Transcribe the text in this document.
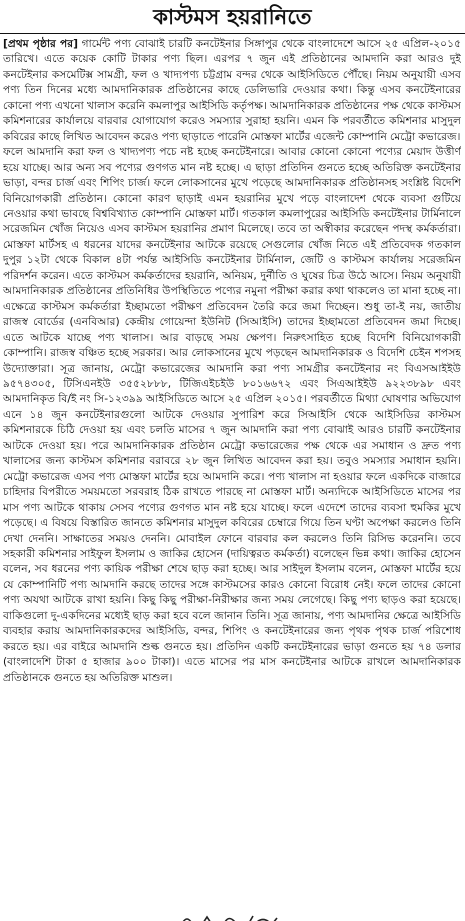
কাস্টমস হয়রানিতে

[প্রথম পৃষ্ঠার পর] গার্মেন্ট পণ্য বোঝাই চারটি কনটেইনার সিঙ্গাপুর থেকে বাংলাদেশে আসে ২৫ এপ্রিল-২০১৫ তারিখে। এতে কয়েক কোটি টাকার পণ্য ছিল। এরপর ৭ জুন এই প্রতিষ্ঠানের আমদানি করা আরও দুই কনটেইনার কসমেটিক্স সামগ্রী, ফল ও খাদ্যপণ্য চট্টগ্রাম বন্দর থেকে আইসিডিতে পৌঁছে। নিয়ম অনুযায়ী এসব পণ্য তিন দিনের মধ্যে আমদানিকারক প্রতিষ্ঠানের কাছে ডেলিভারি দেওয়ার কথা। কিন্তু এসব কনটেইনারের কোনো পণ্য এখনো খালাস করেনি কমলাপুর আইসিডি কর্তৃপক্ষ। আমদানিকারক প্রতিষ্ঠানের পক্ষ থেকে কাস্টমস কমিশনারের কার্যালয়ে বারবার যোগাযোগ করেও সমস্যার সুরাহা হয়নি। এমন কি পরবর্তীতে কমিশনার মাসুদুল কবিরের কাছে লিখিত আবেদন করেও পণ্য ছাড়াতে পারেনি মোস্তফা মার্টের এজেন্ট কোম্পানি মেট্রো কভারেজ।

ফলে আমদানি করা ফল ও খাদ্যপণ্য পচে নষ্ট হচ্ছে কনটেইনারে। আবার কোনো কোনো পণ্যের মেয়াদ উত্তীর্ণ হয়ে যাচ্ছে। আর অন্য সব পণ্যের গুণগত মান নষ্ট হচ্ছে। এ ছাড়া প্রতিদিন গুনতে হচ্ছে অতিরিক্ত কনটেইনার ভাড়া, বন্দর চার্জ এবং শিপিং চার্জ। ফলে লোকসানের মুখে পড়েছে আমদানিকারক প্রতিষ্ঠানসহ সংশ্লিষ্ট বিদেশি বিনিয়োগকারী প্রতিষ্ঠান। কোনো কারণ ছাড়াই এমন হয়রানির মুখে পড়ে বাংলাদেশ থেকে ব্যবসা গুটিয়ে নেওয়ার কথা ভাবছে বিশ্ববিখ্যাত কোম্পানি মোস্তফা মার্ট। গতকাল কমলাপুরের আইসিডি কনটেইনার টার্মিনালে সরেজমিন খোঁজ নিয়েও এসব কাস্টমস হয়রানির প্রমাণ মিলেছে। তবে তা অস্বীকার করেছেন পদস্থ কর্মকর্তারা। মোস্তফা মার্টসহ এ ধরনের যাদের কনটেইনার আটকে রয়েছে সেগুলোর খোঁজ নিতে এই প্রতিবেদক গতকাল দুপুর ১২টা থেকে বিকাল ৪টা পর্যন্ত আইসিডি কনটেইনার টার্মিনাল, জেটি ও কাস্টমস কার্যালয় সরেজমিন পরিদর্শন করেন। এতে কাস্টমস কর্মকর্তাদের হয়রানি, অনিয়ম, দুর্নীতি ও ঘুষের চিত্র উঠে আসে। নিয়ম অনুযায়ী আমদানিকারক প্রতিষ্ঠানের প্রতিনিধির উপস্থিতিতে পণ্যের নমুনা পরীক্ষা করার কথা থাকলেও তা মানা হচ্ছে না। এক্ষেত্রে কাস্টমস কর্মকর্তারা ইচ্ছামতো পরীক্ষণ প্রতিবেদন তৈরি করে জমা দিচ্ছেন। শুধু তা-ই নয়, জাতীয় রাজস্ব বোর্ডের (এনবিআর) কেন্দ্রীয় গোয়েন্দা ইউনিট (সিআইসি) তাদের ইচ্ছামতো প্রতিবেদন জমা দিচ্ছে। এতে আটকে যাচ্ছে পণ্য খালাস। আর বাড়ছে সময় ক্ষেপণ। নিরুৎসাহিত হচ্ছে বিদেশি বিনিয়োগকারী কোম্পানি। রাজস্ব বঞ্চিত হচ্ছে সরকার। আর লোকসানের মুখে পড়ছেন আমদানিকারক ও বিদেশি চেইন শপসহ উদ্যোক্তারা। সূত্র জানায়, মেট্রো কভারেজের আমদানি করা পণ্য সামগ্রীর কনটেইনার নং বিএসআইইউ ৯৫৭৪৩০৫, টিসিএনইউ ৩৫৫২৮৮৮, টিজিএইচইউ ৮০১৬৬৭২ এবং সিএআইইউ ৯২২৩৮৯৮ এবং আমদানিকৃত বি/ই নং সি-১২৩৯৯ আইসিডিতে আসে ২৫ এপ্রিল ২০১৫। পরবর্তীতে মিথ্যা ঘোষণার অভিযোগ এনে ১৪ জুন কনটেইনারগুলো আটকে দেওয়ার সুপারিশ করে সিআইসি থেকে আইসিডির কাস্টমস কমিশনারকে চিঠি দেওয়া হয় এবং চলতি মাসের ৭ জুন আমদানি করা পণ্য বোঝাই আরও চারটি কনটেইনার আটকে দেওয়া হয়। পরে আমদানিকারক প্রতিষ্ঠান মেট্রো কভারেজের পক্ষ থেকে এর সমাধান ও দ্রুত পণ্য খালাসের জন্য কাস্টমস কমিশনার বরাবরে ২৮ জুন লিখিত আবেদন করা হয়। তবুও সমস্যার সমাধান হয়নি। মেট্রো কভারেজ এসব পণ্য মোস্তফা মার্টের হয়ে আমদানি করে। পণ্য খালাস না হওয়ার ফলে একদিকে বাজারে চাহিদার বিপরীতে সময়মতো সরবরাহ ঠিক রাখতে পারছে না মোস্তফা মার্ট। অন্যদিকে আইসিডিতে মাসের পর মাস পণ্য আটকে থাকায় সেসব পণ্যের গুণগত মান নষ্ট হয়ে যাচ্ছে। ফলে এদেশে তাদের ব্যবসা হুমকির মুখে পড়েছে। এ বিষয়ে বিস্তারিত জানতে কমিশনার মাসুদুল কবিরের চেম্বারে গিয়ে তিন ঘণ্টা অপেক্ষা করলেও তিনি দেখা দেননি। সাক্ষাতের সময়ও দেননি। মোবাইল ফোনে বারবার কল করলেও তিনি রিসিভ করেননি। তবে সহকারী কমিশনার সাইফুল ইসলাম ও জাকির হোসেন (দায়িত্বরত কর্মকর্তা) বলেছেন ভিন্ন কথা। জাকির হোসেন বলেন, সব ধরনের পণ্য কায়িক পরীক্ষা শেষে ছাড় করা হচ্ছে। আর সাইদুল ইসলাম বলেন, মোস্তফা মার্টের হয়ে যে কোম্পানিটি পণ্য আমদানি করছে তাদের সঙ্গে কাস্টমসের কারও কোনো বিরোধ নেই। ফলে তাদের কোনো পণ্য অযথা আটকে রাখা হয়নি। কিছু কিছু পরীক্ষা-নিরীক্ষার জন্য সময় লেগেছে। কিছু পণ্য ছাড়ও করা হয়েছে। বাকিগুলো দু-একদিনের মধ্যেই ছাড় করা হবে বলে জানান তিনি। সূত্র জানায়, পণ্য আমদানির ক্ষেত্রে আইসিডি ব্যবহার করায় আমদানিকারকদের আইসিডি, বন্দর, শিপিং ও কনটেইনারের জন্য পৃথক পৃথক চার্জ পরিশোধ করতে হয়। এর বাইরে আমদানি শুল্ক গুনতে হয়। প্রতিদিন একটি কনটেইনারের ভাড়া গুনতে হয় ৭৪ ডলার (বাংলাদেশি টাকা ৫ হাজার ৯০০ টাকা)। এতে মাসের পর মাস কনটেইনার আটকে রাখলে আমদানিকারক প্রতিষ্ঠানকে গুনতে হয় অতিরিক্ত মাশুল।
